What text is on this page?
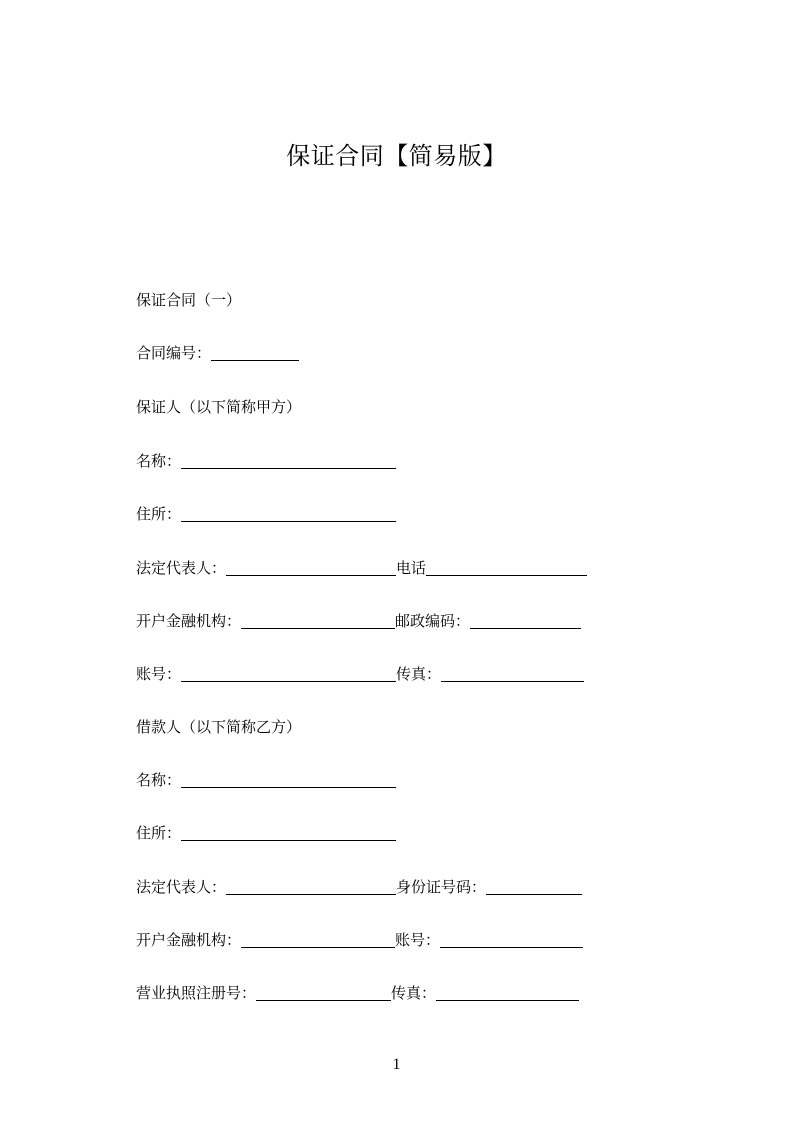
保证合同【简易版】
保证合同（一）
合同编号：
保证人（以下简称甲方）
名称：
住所：
法定代表人：	电话
开户金融机构：	邮政编码：
账号：	传真：
借款人（以下简称乙方）
名称：
住所：
法定代表人：	身份证号码：
开户金融机构：	账号：
营业执照注册号：	传真：
1
